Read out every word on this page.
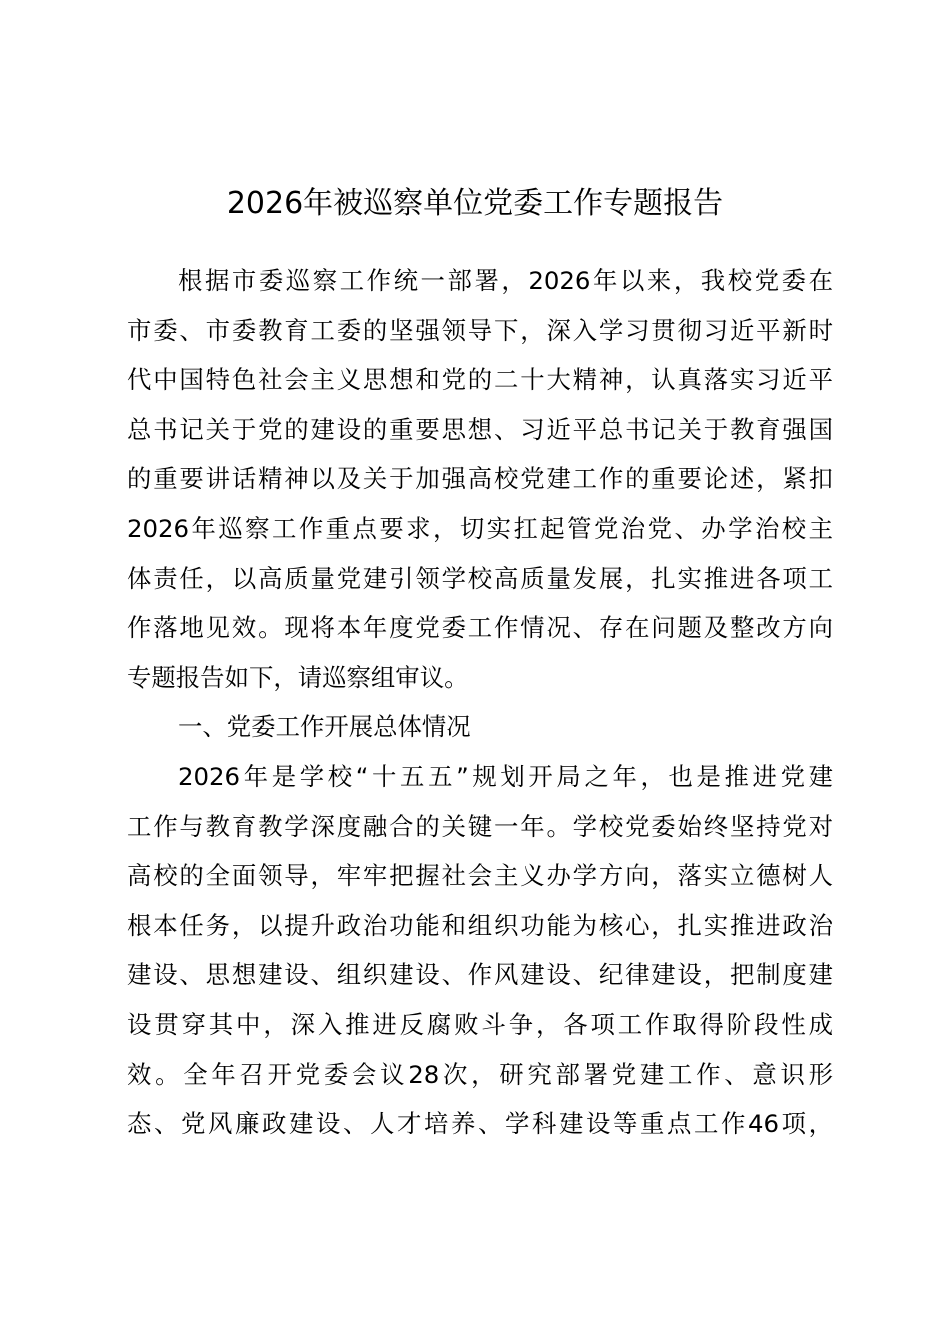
2026年被巡察单位党委工作专题报告
根据市委巡察工作统一部署，2026年以来，我校党委在
市委、市委教育工委的坚强领导下，深入学习贯彻习近平新时
代中国特色社会主义思想和党的二十大精神，认真落实习近平
总书记关于党的建设的重要思想、习近平总书记关于教育强国
的重要讲话精神以及关于加强高校党建工作的重要论述，紧扣
2026年巡察工作重点要求，切实扛起管党治党、办学治校主
体责任，以高质量党建引领学校高质量发展，扎实推进各项工
作落地见效。现将本年度党委工作情况、存在问题及整改方向
专题报告如下，请巡察组审议。
一、党委工作开展总体情况
2026年是学校“十五五”规划开局之年，也是推进党建
工作与教育教学深度融合的关键一年。学校党委始终坚持党对
高校的全面领导，牢牢把握社会主义办学方向，落实立德树人
根本任务，以提升政治功能和组织功能为核心，扎实推进政治
建设、思想建设、组织建设、作风建设、纪律建设，把制度建
设贯穿其中，深入推进反腐败斗争，各项工作取得阶段性成
效。全年召开党委会议28次，研究部署党建工作、意识形
态、党风廉政建设、人才培养、学科建设等重点工作46项，
